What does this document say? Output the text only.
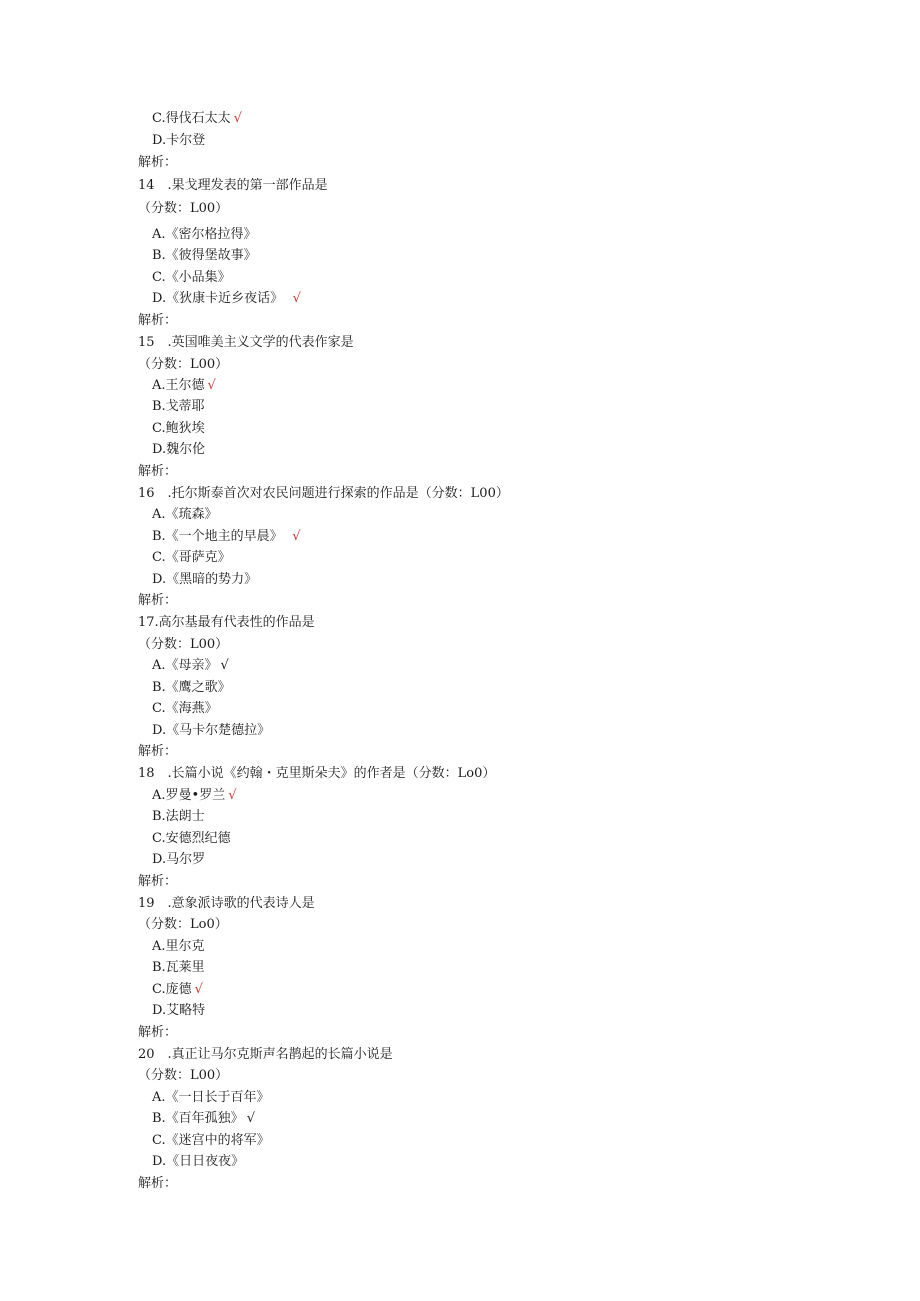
C.得伐石太太 √
D.卡尔登
解析：
14　.果戈理发表的第一部作品是
（分数：L00）
A.《密尔格拉得》
B.《彼得堡故事》
C.《小品集》
D.《狄康卡近乡夜话》　√
解析：
15　.英国唯美主义文学的代表作家是
（分数：L00）
A.王尔德 √
B.戈蒂耶
C.鲍狄埃
D.魏尔伦
解析：
16　.托尔斯泰首次对农民问题进行探索的作品是（分数：L00）
A.《琉森》
B.《一个地主的早晨》　√
C.《哥萨克》
D.《黑暗的势力》
解析：
17.高尔基最有代表性的作品是
（分数：L00）
A.《母亲》 √
B.《鹰之歌》
C.《海燕》
D.《马卡尔楚德拉》
解析：
18　.长篇小说《约翰・克里斯朵夫》的作者是（分数：Lo0）
A.罗曼•罗兰 √
B.法朗士
C.安德烈纪德
D.马尔罗
解析：
19　.意象派诗歌的代表诗人是
（分数：Lo0）
A.里尔克
B.瓦莱里
C.庞德 √
D.艾略特
解析：
20　.真正让马尔克斯声名鹊起的长篇小说是
（分数：L00）
A.《一日长于百年》
B.《百年孤独》 √
C.《迷宫中的将军》
D.《日日夜夜》
解析：
